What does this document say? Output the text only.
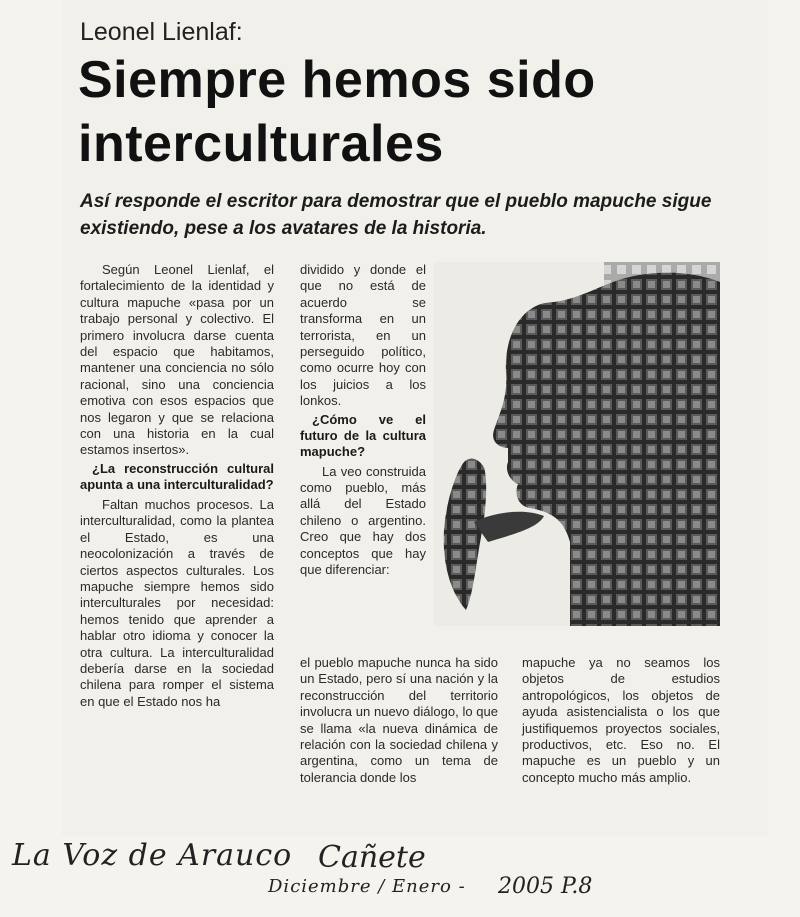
Leonel Lienlaf:
Siempre hemos sido interculturales
Así responde el escritor para demostrar que el pueblo mapuche sigue existiendo, pese a los avatares de la historia.

Según Leonel Lienlaf, el fortalecimiento de la identidad y cultura mapuche «pasa por un trabajo personal y colectivo. El primero involucra darse cuenta del espacio que habitamos, mantener una conciencia no sólo racional, sino una conciencia emotiva con esos espacios que nos legaron y que se relaciona con una historia en la cual estamos insertos».

¿La reconstrucción cultural apunta a una interculturalidad?

Faltan muchos procesos. La interculturalidad, como la plantea el Estado, es una neocolonización a través de ciertos aspectos culturales. Los mapuche siempre hemos sido interculturales por necesidad: hemos tenido que aprender a hablar otro idioma y conocer la otra cultura. La interculturalidad debería darse en la sociedad chilena para romper el sistema en que el Estado nos ha

dividido y donde el que no está de acuerdo se transforma en un terrorista, en un perseguido político, como ocurre hoy con los juicios a los lonkos.

¿Cómo ve el futuro de la cultura mapuche?

La veo construida como pueblo, más allá del Estado chileno o argentino. Creo que hay dos conceptos que hay que diferenciar:

el pueblo mapuche nunca ha sido un Estado, pero sí una nación y la reconstrucción del territorio involucra un nuevo diálogo, lo que se llama «la nueva dinámica de relación con la sociedad chilena y argentina, como un tema de tolerancia donde los

mapuche ya no seamos los objetos de estudios antropológicos, los objetos de ayuda asistencialista o los que justifiquemos proyectos sociales, productivos, etc. Eso no. El mapuche es un pueblo y un concepto mucho más amplio.

La Voz de Arauco Cañete
Diciembre / Enero - 2005 P.8
